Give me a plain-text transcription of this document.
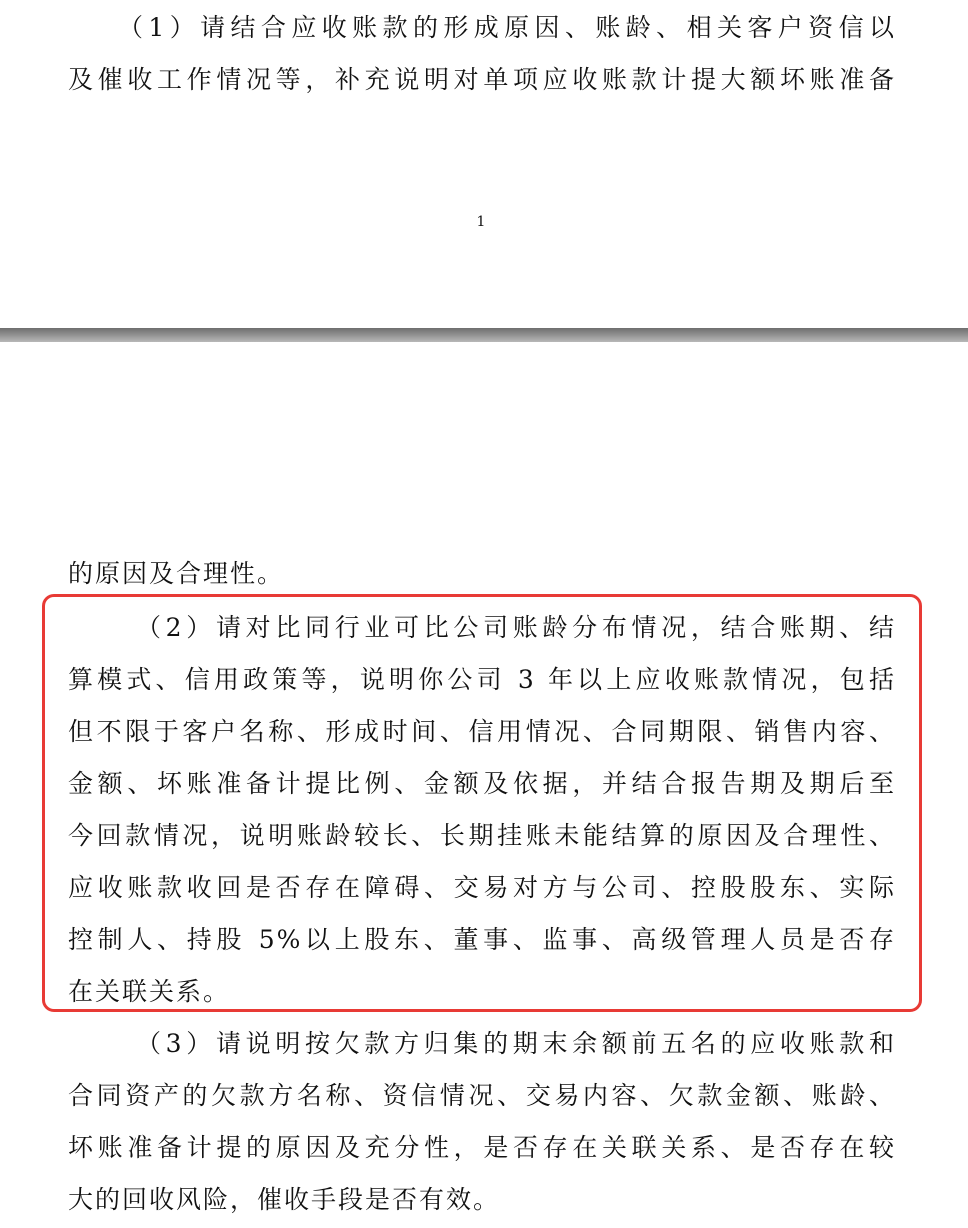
（1）请结合应收账款的形成原因、账龄、相关客户资信以
及催收工作情况等，补充说明对单项应收账款计提大额坏账准备
1
的原因及合理性。
（2）请对比同行业可比公司账龄分布情况，结合账期、结
算模式、信用政策等，说明你公司 3 年以上应收账款情况，包括
但不限于客户名称、形成时间、信用情况、合同期限、销售内容、
金额、坏账准备计提比例、金额及依据，并结合报告期及期后至
今回款情况，说明账龄较长、长期挂账未能结算的原因及合理性、
应收账款收回是否存在障碍、交易对方与公司、控股股东、实际
控制人、持股 5%以上股东、董事、监事、高级管理人员是否存
在关联关系。
（3）请说明按欠款方归集的期末余额前五名的应收账款和
合同资产的欠款方名称、资信情况、交易内容、欠款金额、账龄、
坏账准备计提的原因及充分性，是否存在关联关系、是否存在较
大的回收风险，催收手段是否有效。
